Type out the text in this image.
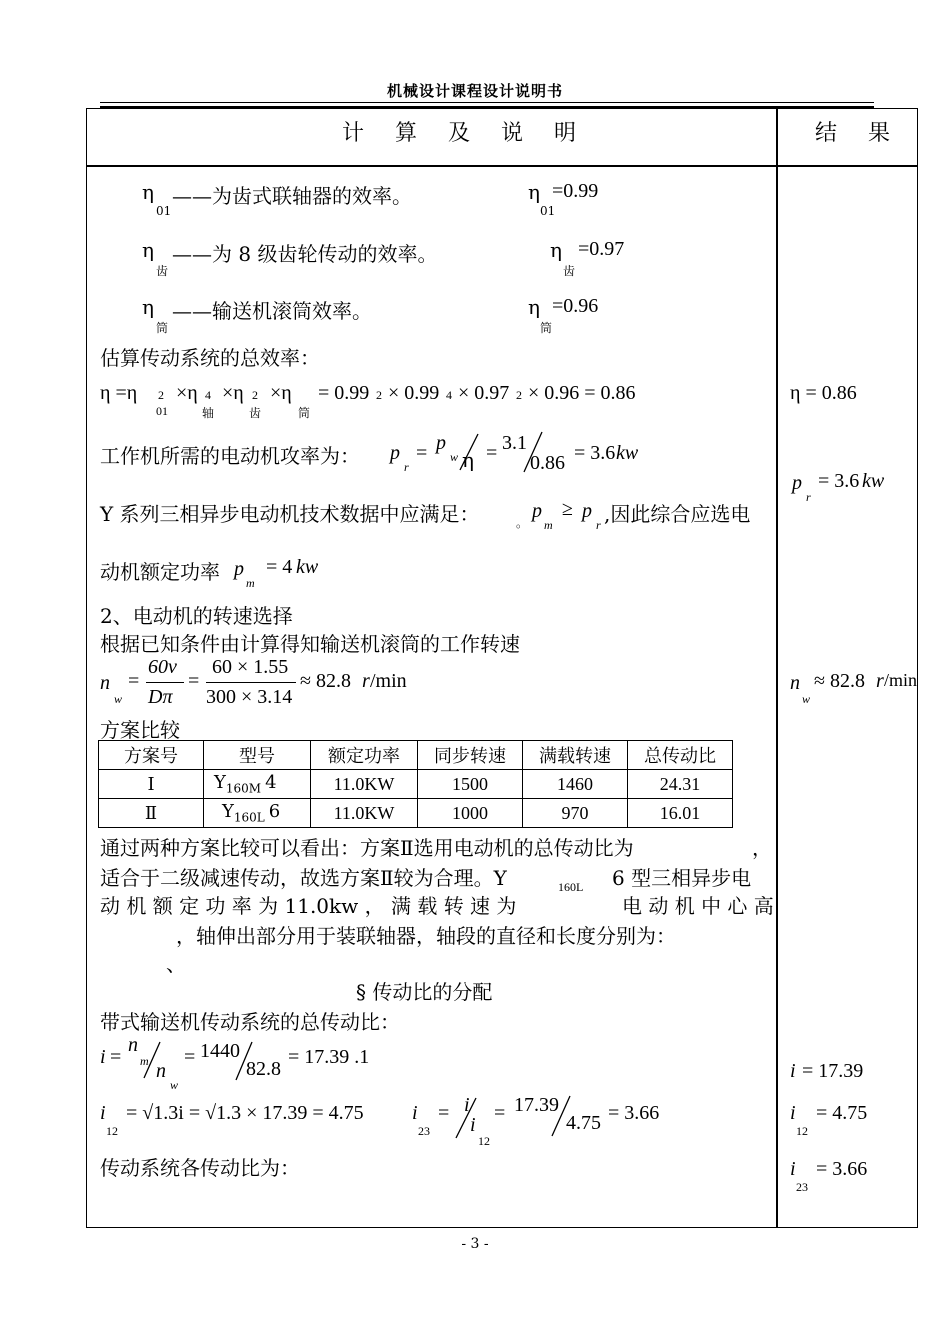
机械设计课程设计说明书
计 算 及 说 明	结 果
η
01
——为齿式联轴器的效率。	η
01
=0.99
η
齿
——为 8 级齿轮传动的效率。	η
齿
=0.97
η
筒
——输送机滚筒效率。	η
筒
=0.96
估算传动系统的总效率：
η =η 2
01
×η 4
轴
×η 2
齿
×η
筒
= 0.99 2 × 0.99 4 × 0.97 2 × 0.96 = 0.86
工作机所需的电动机攻率为： p
r
= p
w η = 3.1
0.86 = 3.6 kw
Y 系列三相异步电动机技术数据中应满足：	。
p
m
≥ p
r ,因此综合应选电
动机额定功率 p
m
= 4 kw
2、电动机的转速选择
根据已知条件由计算得知输送机滚筒的工作转速
n
w
=
60v
Dπ
=
60 × 1.55
300 × 3.14
≈ 82.8 r /min
方案比较
方案号	型号	额定功率	同步转速	满载转速	总传动比
Ⅰ	$Y_{160M}$ 4	11.0KW	1500	1460	24.31
Ⅱ	$Y_{160L}$ 6	11.0KW	1000	970	16.01
通过两种方案比较可以看出：方案Ⅱ选用电动机的总传动比为	，
适合于二级减速传动，故选方案Ⅱ较为合理。Y	160L 6 型三相异步电
动 机 额 定 功 率 为 11.0kw ， 满 载 转 速 为	电 动 机 中 心 高
，轴伸出部分用于装联轴器，轴段的直径和长度分别为：
、
§ 传动比的分配
带式输送机传动系统的总传动比：
i =
n
m n
w
= 1440
82.8
= 17.39 .1
i
12
= √1.3i = √1.3 × 17.39 = 4.75 i
23
= i
i
12
= 17.39
4.75 = 3.66
传动系统各传动比为：
η = 0.86
p
r
= 3.6 kw
n
w
≈ 82.8 r /min
i = 17.39
i
12
= 4.75
i
23
= 3.66
- 3 -
